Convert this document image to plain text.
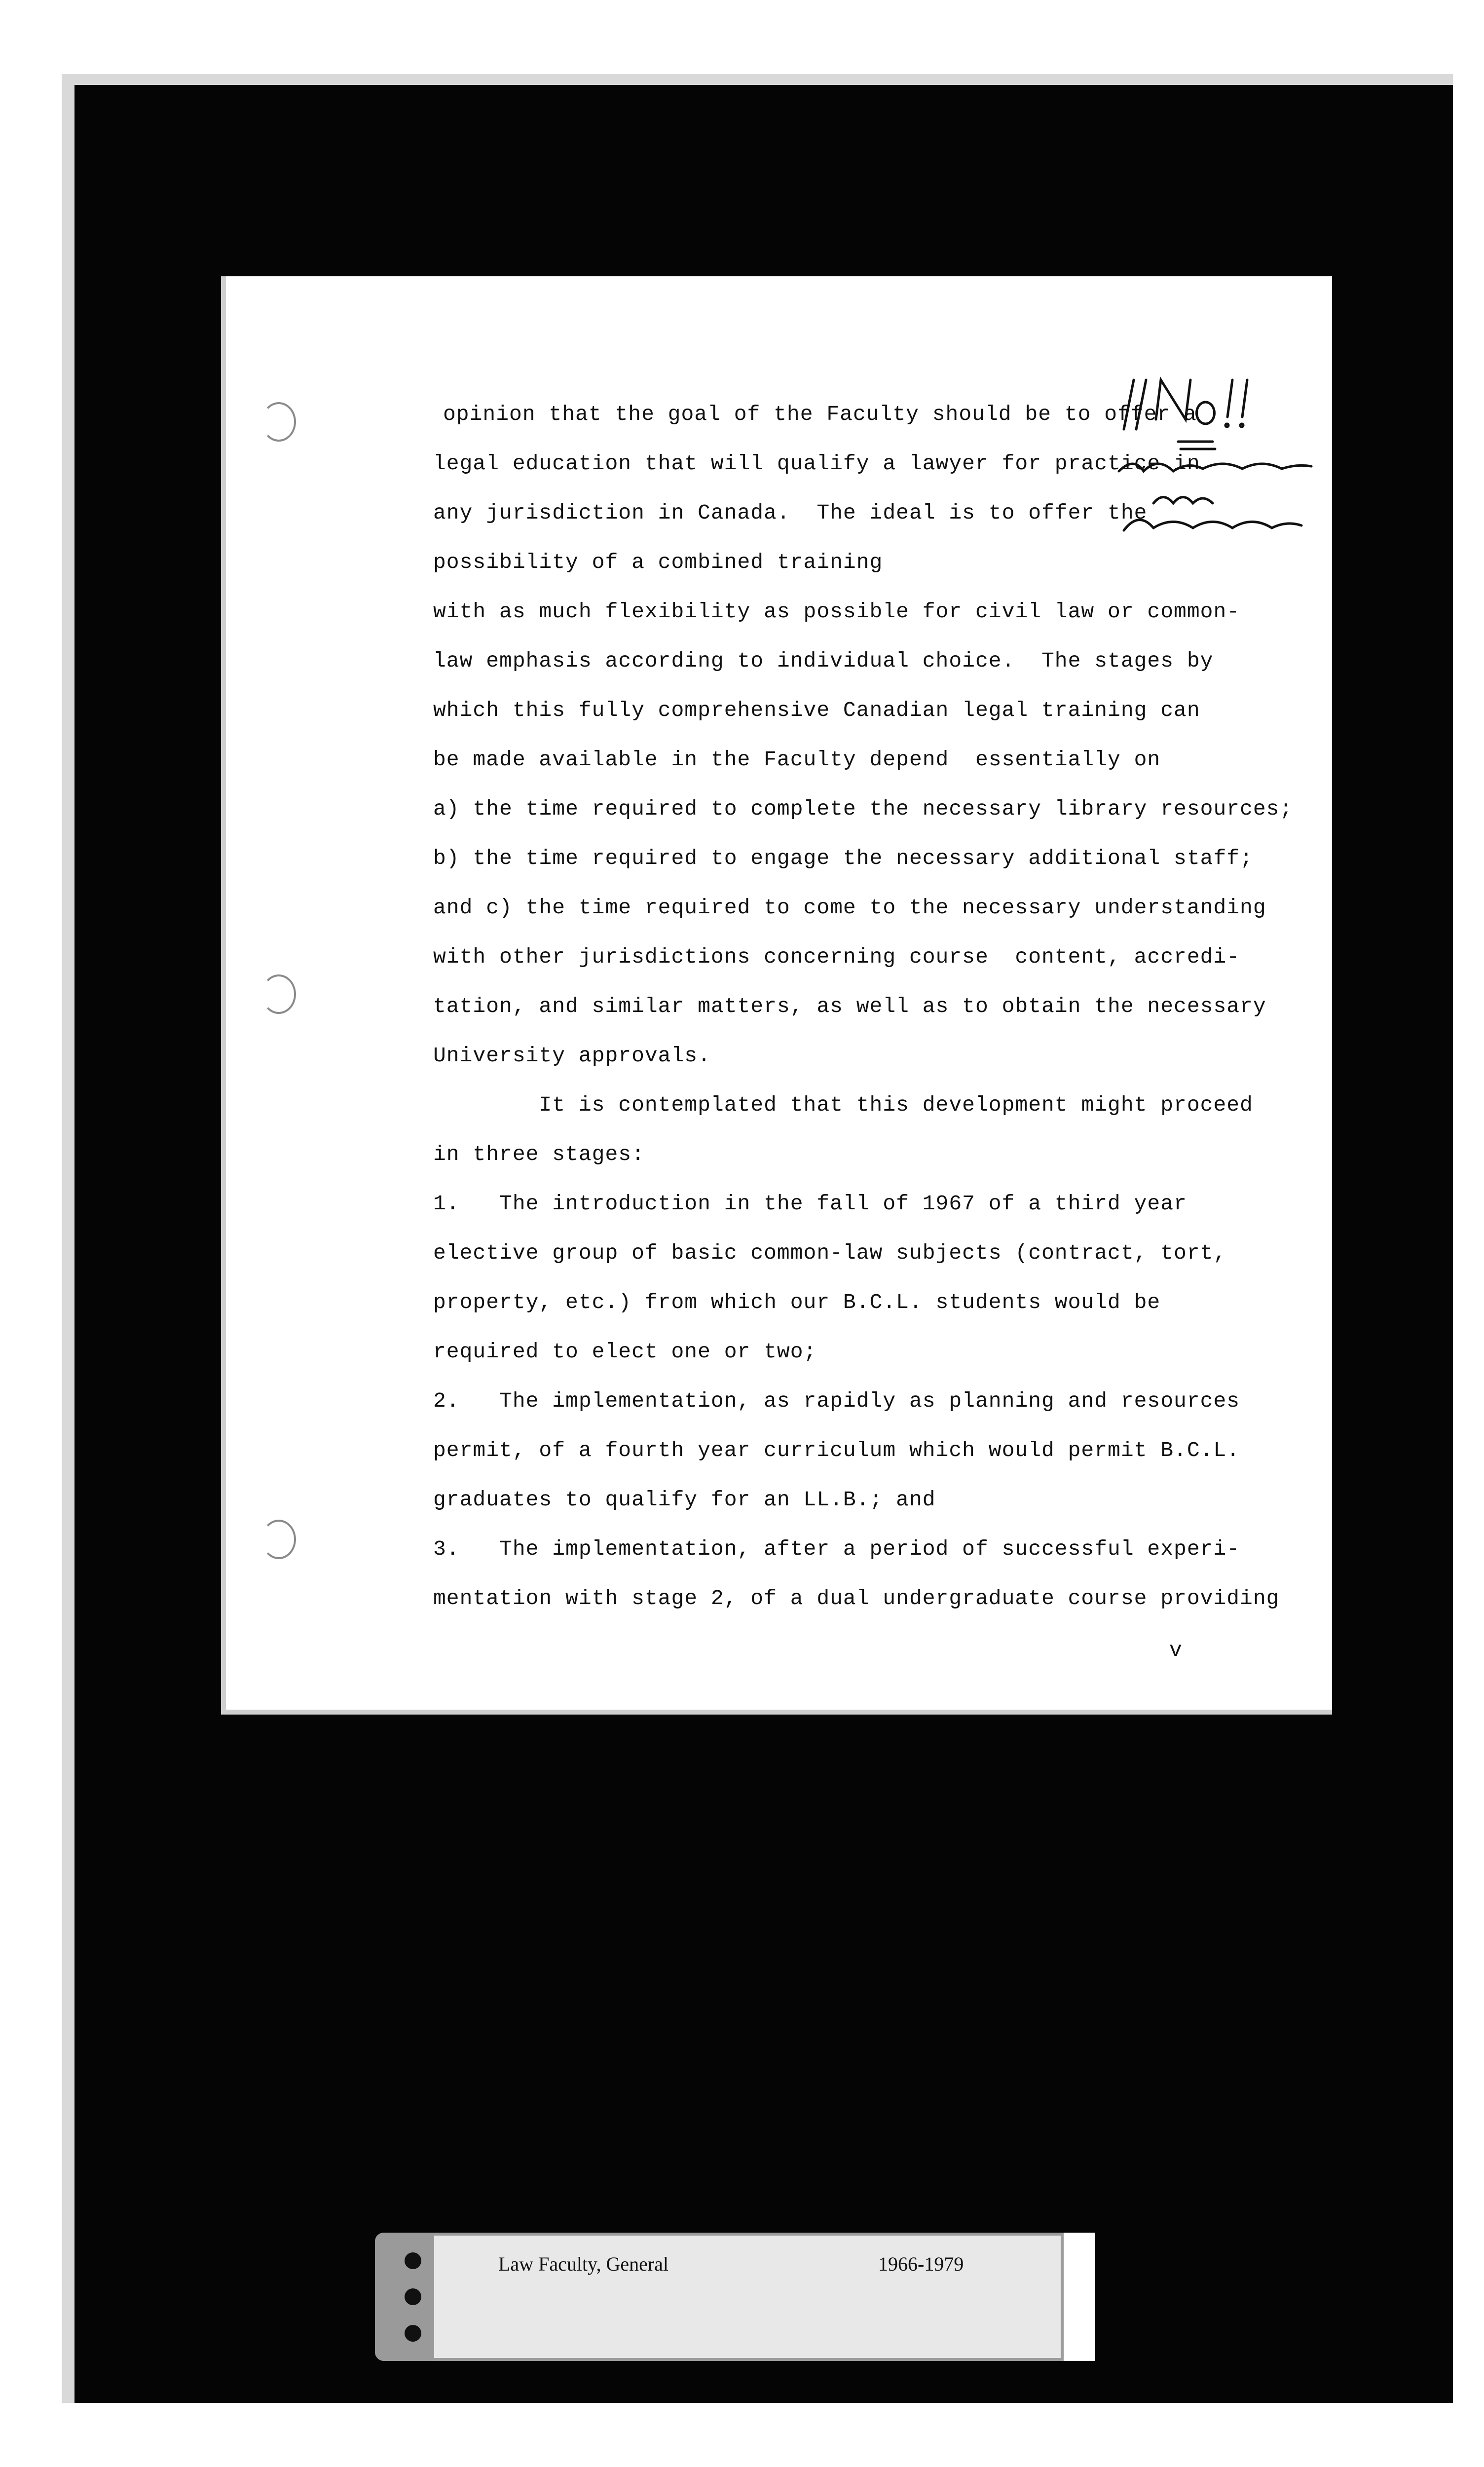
opinion that the goal of the Faculty should be to offer a
legal education that will qualify a lawyer for practice in
any jurisdiction in Canada.  The ideal is to offer the
possibility of a combined training
with as much flexibility as possible for civil law or common-
law emphasis according to individual choice.  The stages by
which this fully comprehensive Canadian legal training can
be made available in the Faculty depend  essentially on
a) the time required to complete the necessary library resources;
b) the time required to engage the necessary additional staff;
and c) the time required to come to the necessary understanding
with other jurisdictions concerning course  content, accredi-
tation, and similar matters, as well as to obtain the necessary
University approvals.
It is contemplated that this development might proceed
in three stages:
1.   The introduction in the fall of 1967 of a third year
elective group of basic common-law subjects (contract, tort,
property, etc.) from which our B.C.L. students would be
required to elect one or two;
2.   The implementation, as rapidly as planning and resources
permit, of a fourth year curriculum which would permit B.C.L.
graduates to qualify for an LL.B.; and
3.   The implementation, after a period of successful experi-
mentation with stage 2, of a dual undergraduate course providing
v
Law Faculty, General	1966-1979
